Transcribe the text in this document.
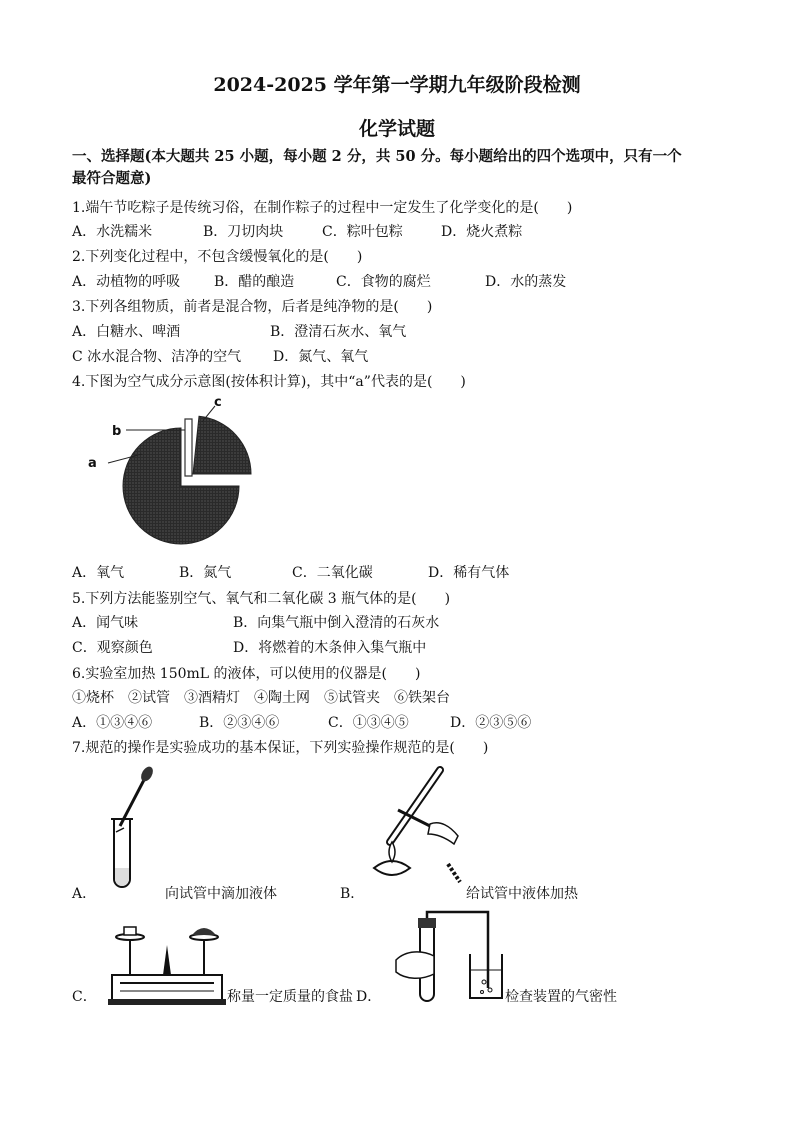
2024-2025 学年第一学期九年级阶段检测
化学试题
一、选择题(本大题共 25 小题，每小题 2 分，共 50 分。每小题给出的四个选项中，只有一个
最符合题意)
1.端午节吃粽子是传统习俗，在制作粽子的过程中一定发生了化学变化的是(　　)
A．水洗糯米	B．刀切肉块	C．粽叶包粽	D．烧火煮粽
2.下列变化过程中，不包含缓慢氧化的是(　　)
A．动植物的呼吸 B．醋的酿造	C．食物的腐烂	D．水的蒸发
3.下列各组物质，前者是混合物，后者是纯净物的是(　　)
A．白糖水、啤酒	B．澄清石灰水、氧气
C 冰水混合物、洁净的空气 D．氮气、氧气
4.下图为空气成分示意图(按体积计算)，其中“a”代表的是(　　)
a
b
c
A．氧气	B．氮气	C．二氧化碳	D．稀有气体
5.下列方法能鉴别空气、氧气和二氧化碳 3 瓶气体的是(　　)
A．闻气味	B．向集气瓶中倒入澄清的石灰水
C．观察颜色	D．将燃着的木条伸入集气瓶中
6.实验室加热 150mL 的液体，可以使用的仪器是(　　)
①烧杯　②试管　③酒精灯　④陶土网　⑤试管夹　⑥铁架台
A．①③④⑥	B．②③④⑥	C．①③④⑤	D．②③⑤⑥
7.规范的操作是实验成功的基本保证，下列实验操作规范的是(　　)
A．	向试管中滴加液体	B．	给试管中液体加热
C．	称量一定质量的食盐 D．	检查装置的气密性
